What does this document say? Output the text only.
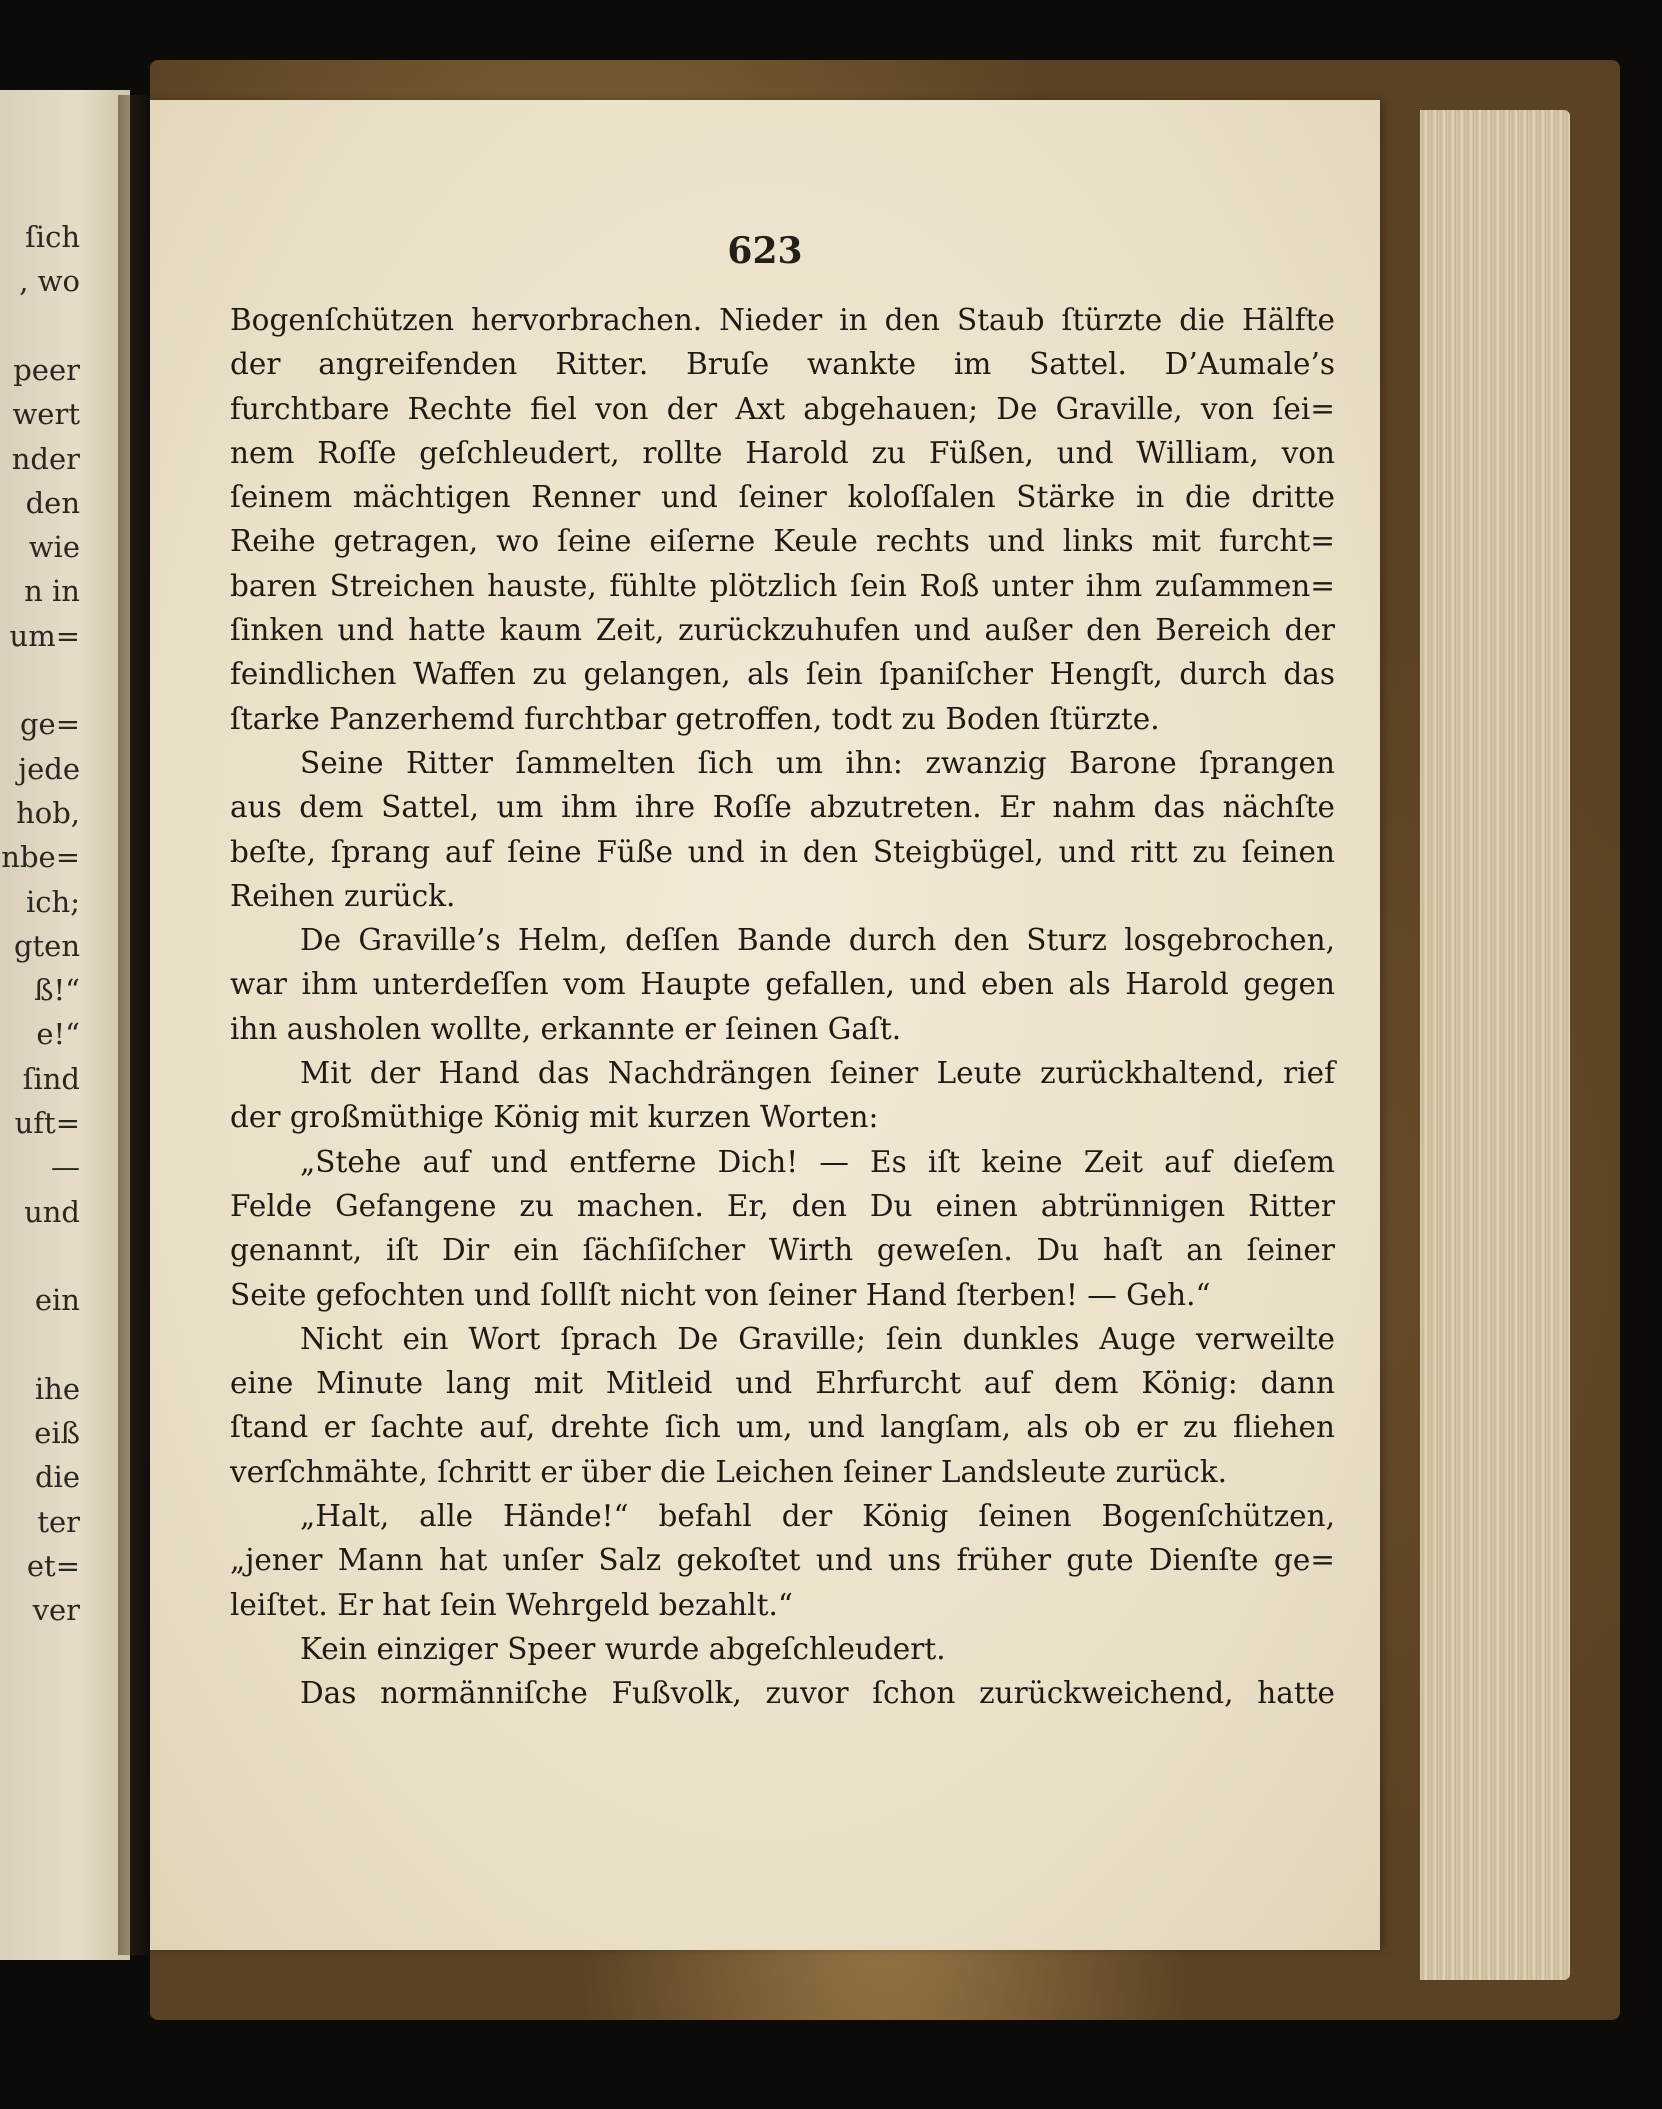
ſich
, wo
peer
wert
nder
den
wie
n in
um=
ge=
jede
hob,
nbe=
ich;
gten
ß!“
e!“
ſind
uft=
—
und
ein
ihe
eiß
die
ter
et=
ver
623
Bogenſchützen hervorbrachen. Nieder in den Staub ſtürzte die Hälfte
der angreifenden Ritter. Bruſe wankte im Sattel. D’Aumale’s
furchtbare Rechte fiel von der Axt abgehauen; De Graville, von ſei=
nem Roſſe geſchleudert, rollte Harold zu Füßen, und William, von
ſeinem mächtigen Renner und ſeiner koloſſalen Stärke in die dritte
Reihe getragen, wo ſeine eiſerne Keule rechts und links mit furcht=
baren Streichen hauste, fühlte plötzlich ſein Roß unter ihm zuſammen=
ſinken und hatte kaum Zeit, zurückzuhufen und außer den Bereich der
feindlichen Waffen zu gelangen, als ſein ſpaniſcher Hengſt, durch das
ſtarke Panzerhemd furchtbar getroffen, todt zu Boden ſtürzte.
Seine Ritter ſammelten ſich um ihn: zwanzig Barone ſprangen
aus dem Sattel, um ihm ihre Roſſe abzutreten. Er nahm das nächſte
beſte, ſprang auf ſeine Füße und in den Steigbügel, und ritt zu ſeinen
Reihen zurück.
De Graville’s Helm, deſſen Bande durch den Sturz losgebrochen,
war ihm unterdeſſen vom Haupte gefallen, und eben als Harold gegen
ihn ausholen wollte, erkannte er ſeinen Gaſt.
Mit der Hand das Nachdrängen ſeiner Leute zurückhaltend, rief
der großmüthige König mit kurzen Worten:
„Stehe auf und entferne Dich! — Es iſt keine Zeit auf dieſem
Felde Gefangene zu machen. Er, den Du einen abtrünnigen Ritter
genannt, iſt Dir ein ſächſiſcher Wirth geweſen. Du haſt an ſeiner
Seite gefochten und ſollſt nicht von ſeiner Hand ſterben! — Geh.“
Nicht ein Wort ſprach De Graville; ſein dunkles Auge verweilte
eine Minute lang mit Mitleid und Ehrfurcht auf dem König: dann
ſtand er ſachte auf, drehte ſich um, und langſam, als ob er zu fliehen
verſchmähte, ſchritt er über die Leichen ſeiner Landsleute zurück.
„Halt, alle Hände!“ befahl der König ſeinen Bogenſchützen,
„jener Mann hat unſer Salz gekoſtet und uns früher gute Dienſte ge=
leiſtet. Er hat ſein Wehrgeld bezahlt.“
Kein einziger Speer wurde abgeſchleudert.
Das normänniſche Fußvolk, zuvor ſchon zurückweichend, hatte
